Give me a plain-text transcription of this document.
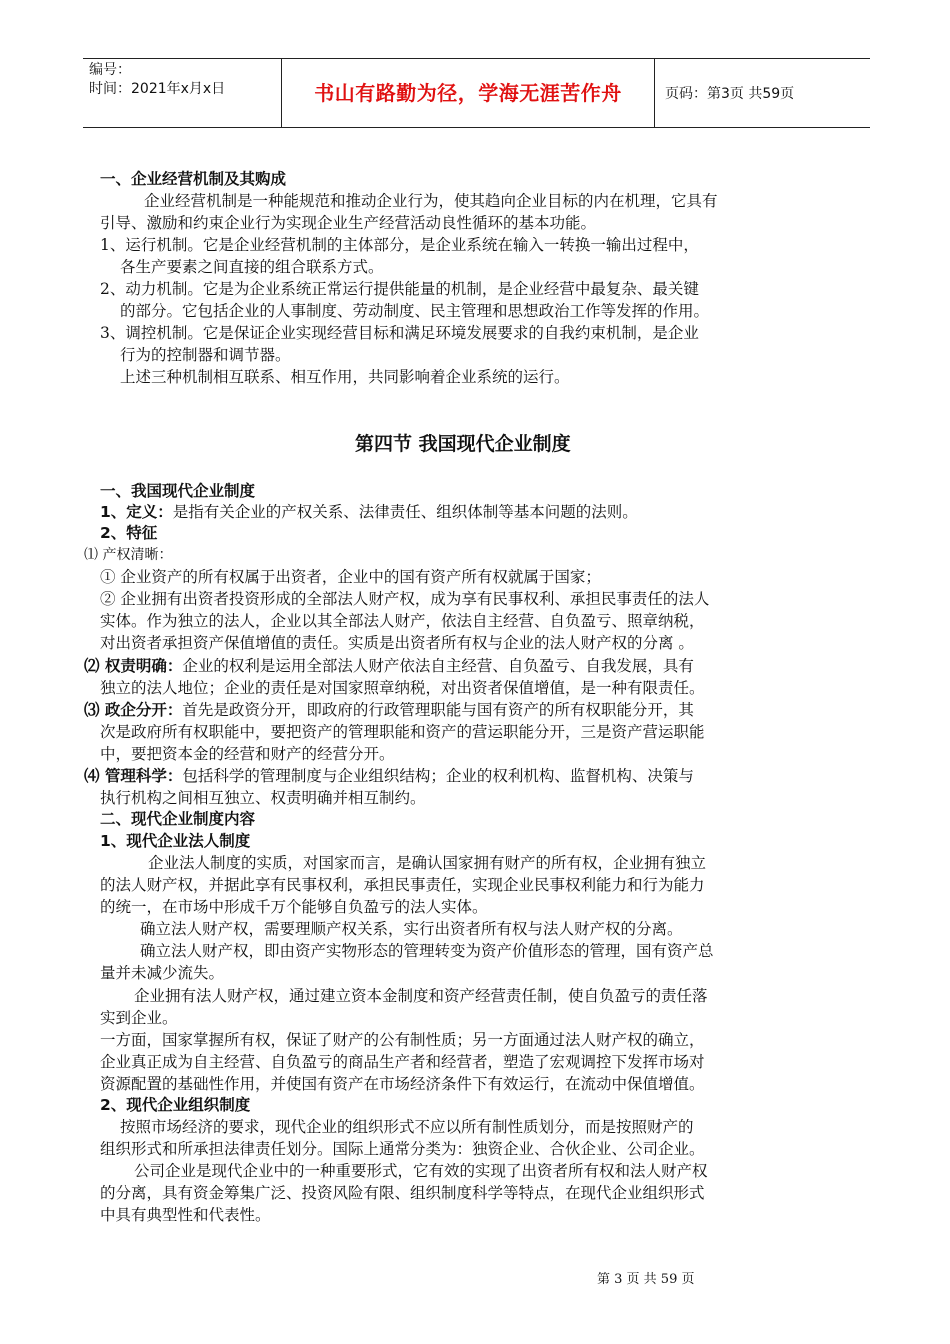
编号：
时间：2021年x月x日	书山有路勤为径，学海无涯苦作舟	页码：第3页 共59页
一、企业经营机制及其购成
企业经营机制是一种能规范和推动企业行为，使其趋向企业目标的内在机理，它具有
引导、激励和约束企业行为实现企业生产经营活动良性循环的基本功能。
1、运行机制。它是企业经营机制的主体部分，是企业系统在输入一转换一输出过程中，
各生产要素之间直接的组合联系方式。
2、动力机制。它是为企业系统正常运行提供能量的机制，是企业经营中最复杂、最关键
的部分。它包括企业的人事制度、劳动制度、民主管理和思想政治工作等发挥的作用。
3、调控机制。它是保证企业实现经营目标和满足环境发展要求的自我约束机制，是企业
行为的控制器和调节器。
上述三种机制相互联系、相互作用，共同影响着企业系统的运行。
第四节 我国现代企业制度
一、我国现代企业制度
1、定义：是指有关企业的产权关系、法律责任、组织体制等基本问题的法则。
2、特征
⑴ 产权清晰：
① 企业资产的所有权属于出资者，企业中的国有资产所有权就属于国家；
② 企业拥有出资者投资形成的全部法人财产权，成为享有民事权利、承担民事责任的法人
实体。作为独立的法人，企业以其全部法人财产，依法自主经营、自负盈亏、照章纳税，
对出资者承担资产保值增值的责任。实质是出资者所有权与企业的法人财产权的分离 。
⑵ 权责明确：企业的权利是运用全部法人财产依法自主经营、自负盈亏、自我发展，具有
独立的法人地位；企业的责任是对国家照章纳税，对出资者保值增值，是一种有限责任。
⑶ 政企分开：首先是政资分开，即政府的行政管理职能与国有资产的所有权职能分开，其
次是政府所有权职能中，要把资产的管理职能和资产的营运职能分开，三是资产营运职能
中，要把资本金的经营和财产的经营分开。
⑷ 管理科学：包括科学的管理制度与企业组织结构；企业的权利机构、监督机构、决策与
执行机构之间相互独立、权责明确并相互制约。
二、现代企业制度内容
1、现代企业法人制度
企业法人制度的实质，对国家而言，是确认国家拥有财产的所有权，企业拥有独立
的法人财产权，并据此享有民事权利，承担民事责任，实现企业民事权利能力和行为能力
的统一，在市场中形成千万个能够自负盈亏的法人实体。
确立法人财产权，需要理顺产权关系，实行出资者所有权与法人财产权的分离。
确立法人财产权，即由资产实物形态的管理转变为资产价值形态的管理，国有资产总
量并未减少流失。
企业拥有法人财产权，通过建立资本金制度和资产经营责任制，使自负盈亏的责任落
实到企业。
一方面，国家掌握所有权，保证了财产的公有制性质；另一方面通过法人财产权的确立，
企业真正成为自主经营、自负盈亏的商品生产者和经营者，塑造了宏观调控下发挥市场对
资源配置的基础性作用，并使国有资产在市场经济条件下有效运行，在流动中保值增值。
2、现代企业组织制度
按照市场经济的要求，现代企业的组织形式不应以所有制性质划分，而是按照财产的
组织形式和所承担法律责任划分。国际上通常分类为：独资企业、合伙企业、公司企业。
公司企业是现代企业中的一种重要形式，它有效的实现了出资者所有权和法人财产权
的分离，具有资金筹集广泛、投资风险有限、组织制度科学等特点，在现代企业组织形式
中具有典型性和代表性。
第 3 页 共 59 页
